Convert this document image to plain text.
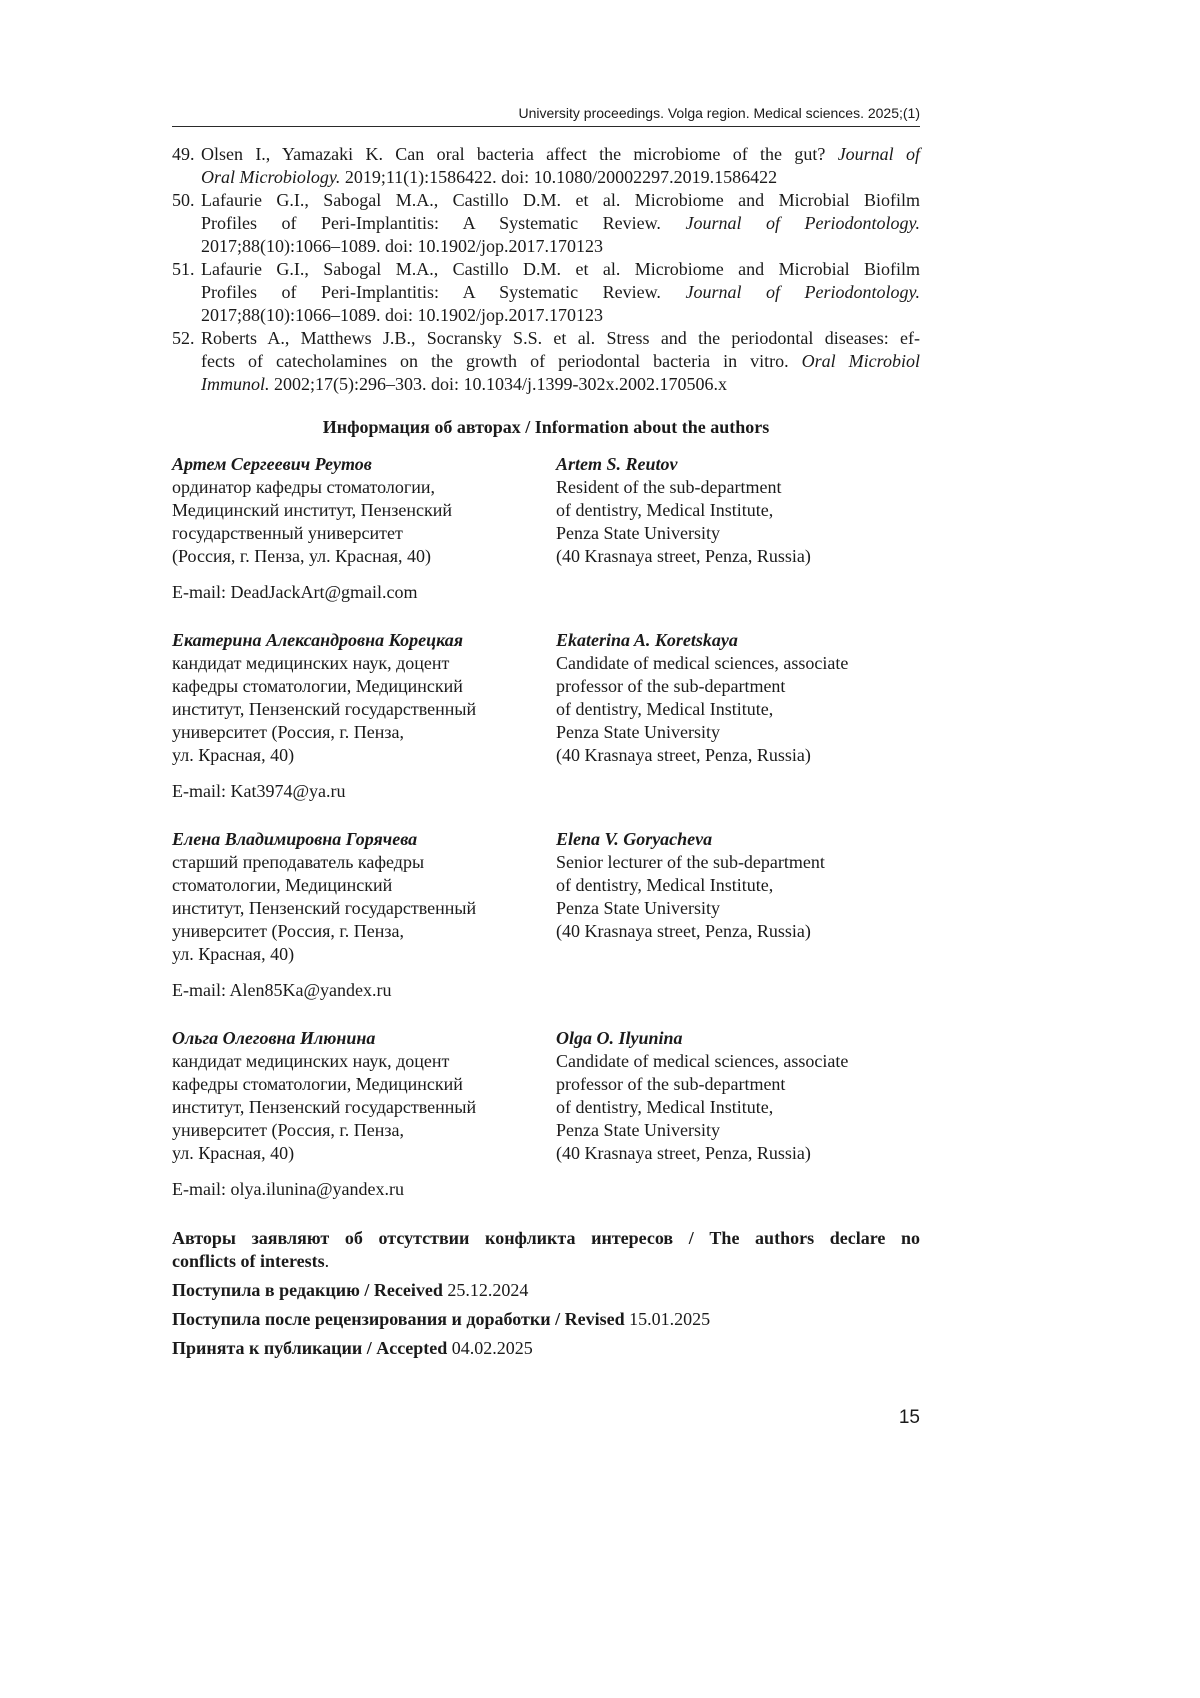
University proceedings. Volga region. Medical sciences. 2025;(1)
49. Olsen I., Yamazaki K. Can oral bacteria affect the microbiome of the gut? Journal of
Oral Microbiology. 2019;11(1):1586422. doi: 10.1080/20002297.2019.1586422
50. Lafaurie G.I., Sabogal M.A., Castillo D.M. et al. Microbiome and Microbial Biofilm
Profiles of Peri-Implantitis: A Systematic Review. Journal of Periodontology.
2017;88(10):1066–1089. doi: 10.1902/jop.2017.170123
51. Lafaurie G.I., Sabogal M.A., Castillo D.M. et al. Microbiome and Microbial Biofilm
Profiles of Peri-Implantitis: A Systematic Review. Journal of Periodontology.
2017;88(10):1066–1089. doi: 10.1902/jop.2017.170123
52. Roberts A., Matthews J.B., Socransky S.S. et al. Stress and the periodontal diseases: ef-
fects of catecholamines on the growth of periodontal bacteria in vitro. Oral Microbiol
Immunol. 2002;17(5):296–303. doi: 10.1034/j.1399-302x.2002.170506.x
Информация об авторах / Information about the authors
Артем Сергеевич Реутов
ординатор кафедры стоматологии,
Медицинский институт, Пензенский
государственный университет
(Россия, г. Пенза, ул. Красная, 40)
Artem S. Reutov
Resident of the sub-department
of dentistry, Medical Institute,
Penza State University
(40 Krasnaya street, Penza, Russia)
E-mail: DeadJackArt@gmail.com
Екатерина Александровна Корецкая
кандидат медицинских наук, доцент
кафедры стоматологии, Медицинский
институт, Пензенский государственный
университет (Россия, г. Пенза,
ул. Красная, 40)
Ekaterina A. Koretskaya
Candidate of medical sciences, associate
professor of the sub-department
of dentistry, Medical Institute,
Penza State University
(40 Krasnaya street, Penza, Russia)
E-mail: Kat3974@ya.ru
Елена Владимировна Горячева
старший преподаватель кафедры
стоматологии, Медицинский
институт, Пензенский государственный
университет (Россия, г. Пенза,
ул. Красная, 40)
Elena V. Goryacheva
Senior lecturer of the sub-department
of dentistry, Medical Institute,
Penza State University
(40 Krasnaya street, Penza, Russia)
E-mail: Alen85Ka@yandex.ru
Ольга Олеговна Илюнина
кандидат медицинских наук, доцент
кафедры стоматологии, Медицинский
институт, Пензенский государственный
университет (Россия, г. Пенза,
ул. Красная, 40)
Olga O. Ilyunina
Candidate of medical sciences, associate
professor of the sub-department
of dentistry, Medical Institute,
Penza State University
(40 Krasnaya street, Penza, Russia)
E-mail: olya.ilunina@yandex.ru
Авторы заявляют об отсутствии конфликта интересов / The authors declare no
conflicts of interests.
Поступила в редакцию / Received 25.12.2024
Поступила после рецензирования и доработки / Revised 15.01.2025
Принята к публикации / Accepted 04.02.2025
15
